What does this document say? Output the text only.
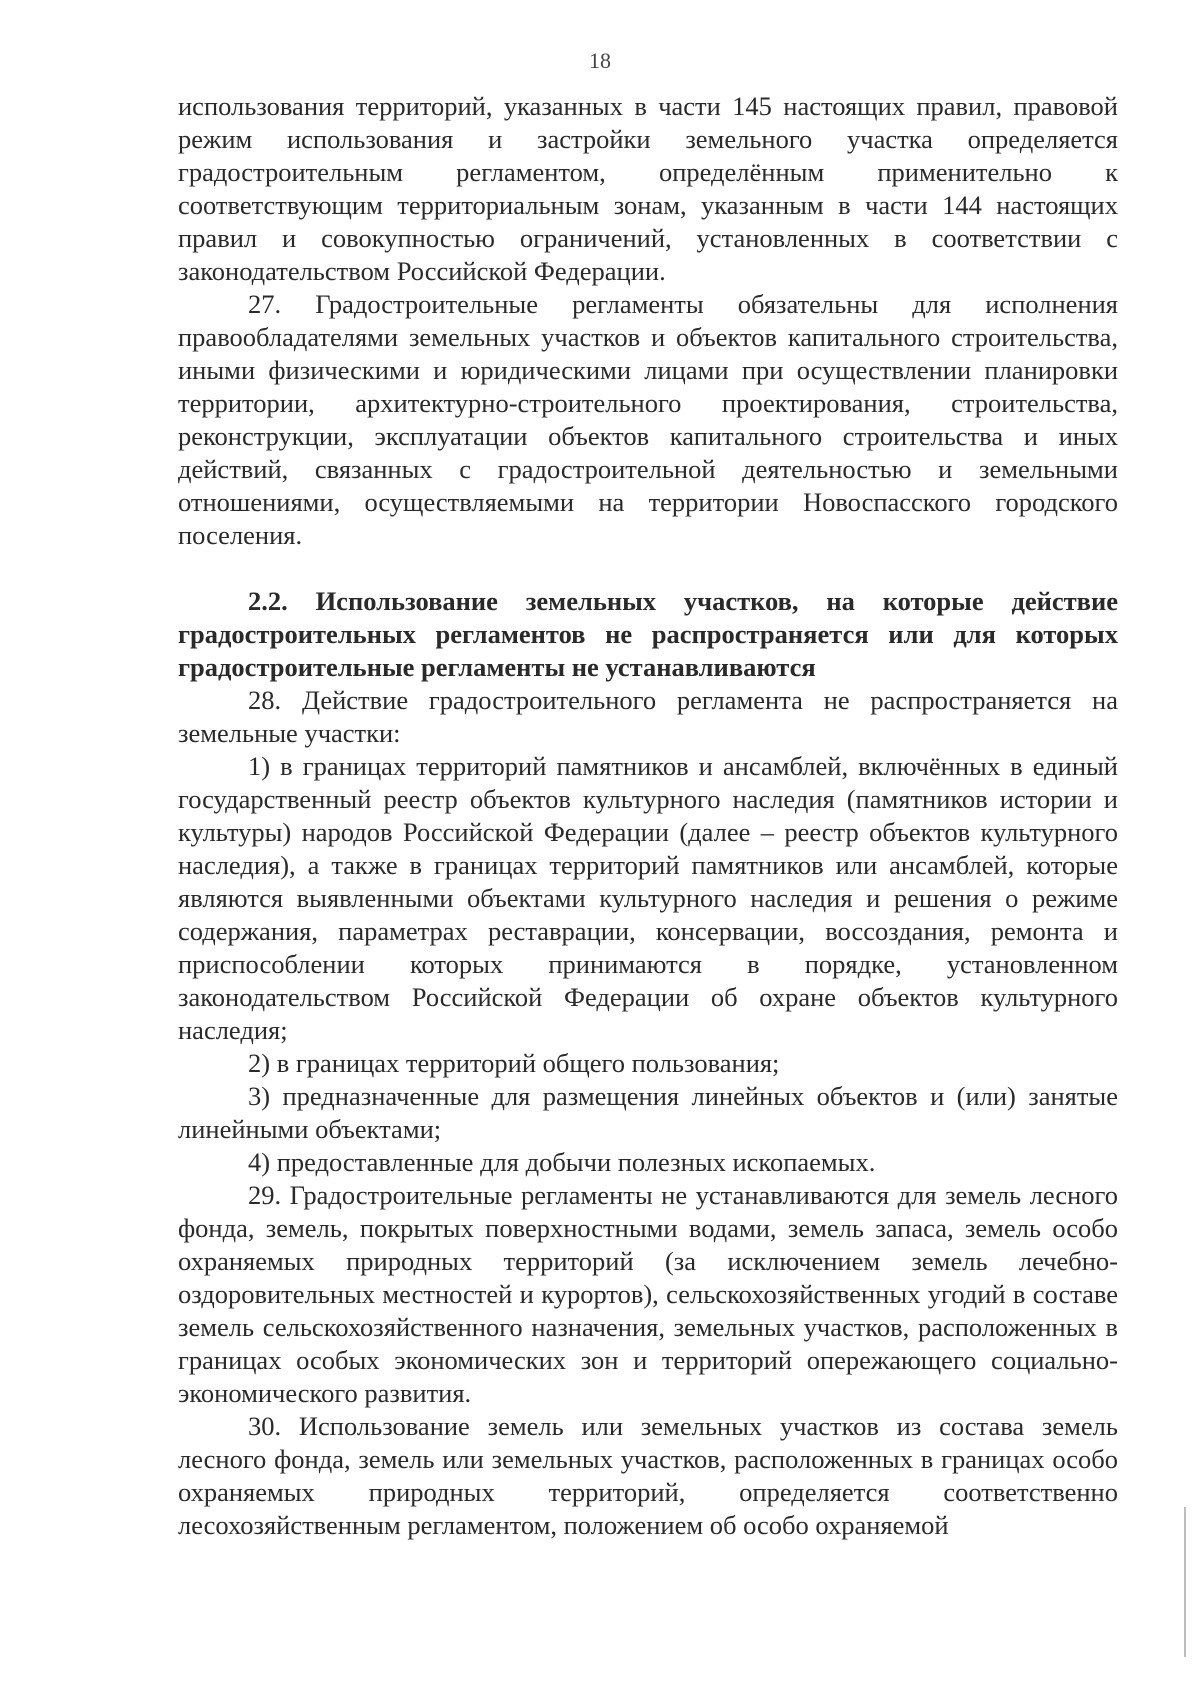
18

использования территорий, указанных в части 145 настоящих правил, правовой режим использования и застройки земельного участка определяется градостроительным регламентом, определённым применительно к соответствующим территориальным зонам, указанным в части 144 настоящих правил и совокупностью ограничений, установленных в соответствии с законодательством Российской Федерации.

27. Градостроительные регламенты обязательны для исполнения правообладателями земельных участков и объектов капитального строительства, иными физическими и юридическими лицами при осуществлении планировки территории, архитектурно-строительного проектирования, строительства, реконструкции, эксплуатации объектов капитального строительства и иных действий, связанных с градостроительной деятельностью и земельными отношениями, осуществляемыми на территории Новоспасского городского поселения.

2.2. Использование земельных участков, на которые действие градостроительных регламентов не распространяется или для которых градостроительные регламенты не устанавливаются

28. Действие градостроительного регламента не распространяется на земельные участки:

1) в границах территорий памятников и ансамблей, включённых в единый государственный реестр объектов культурного наследия (памятников истории и культуры) народов Российской Федерации (далее – реестр объектов культурного наследия), а также в границах территорий памятников или ансамблей, которые являются выявленными объектами культурного наследия и решения о режиме содержания, параметрах реставрации, консервации, воссоздания, ремонта и приспособлении которых принимаются в порядке, установленном законодательством Российской Федерации об охране объектов культурного наследия;

2) в границах территорий общего пользования;

3) предназначенные для размещения линейных объектов и (или) занятые линейными объектами;

4) предоставленные для добычи полезных ископаемых.

29. Градостроительные регламенты не устанавливаются для земель лесного фонда, земель, покрытых поверхностными водами, земель запаса, земель особо охраняемых природных территорий (за исключением земель лечебно-оздоровительных местностей и курортов), сельскохозяйственных угодий в составе земель сельскохозяйственного назначения, земельных участков, расположенных в границах особых экономических зон и территорий опережающего социально-экономического развития.

30. Использование земель или земельных участков из состава земель лесного фонда, земель или земельных участков, расположенных в границах особо охраняемых природных территорий, определяется соответственно лесохозяйственным регламентом, положением об особо охраняемой
